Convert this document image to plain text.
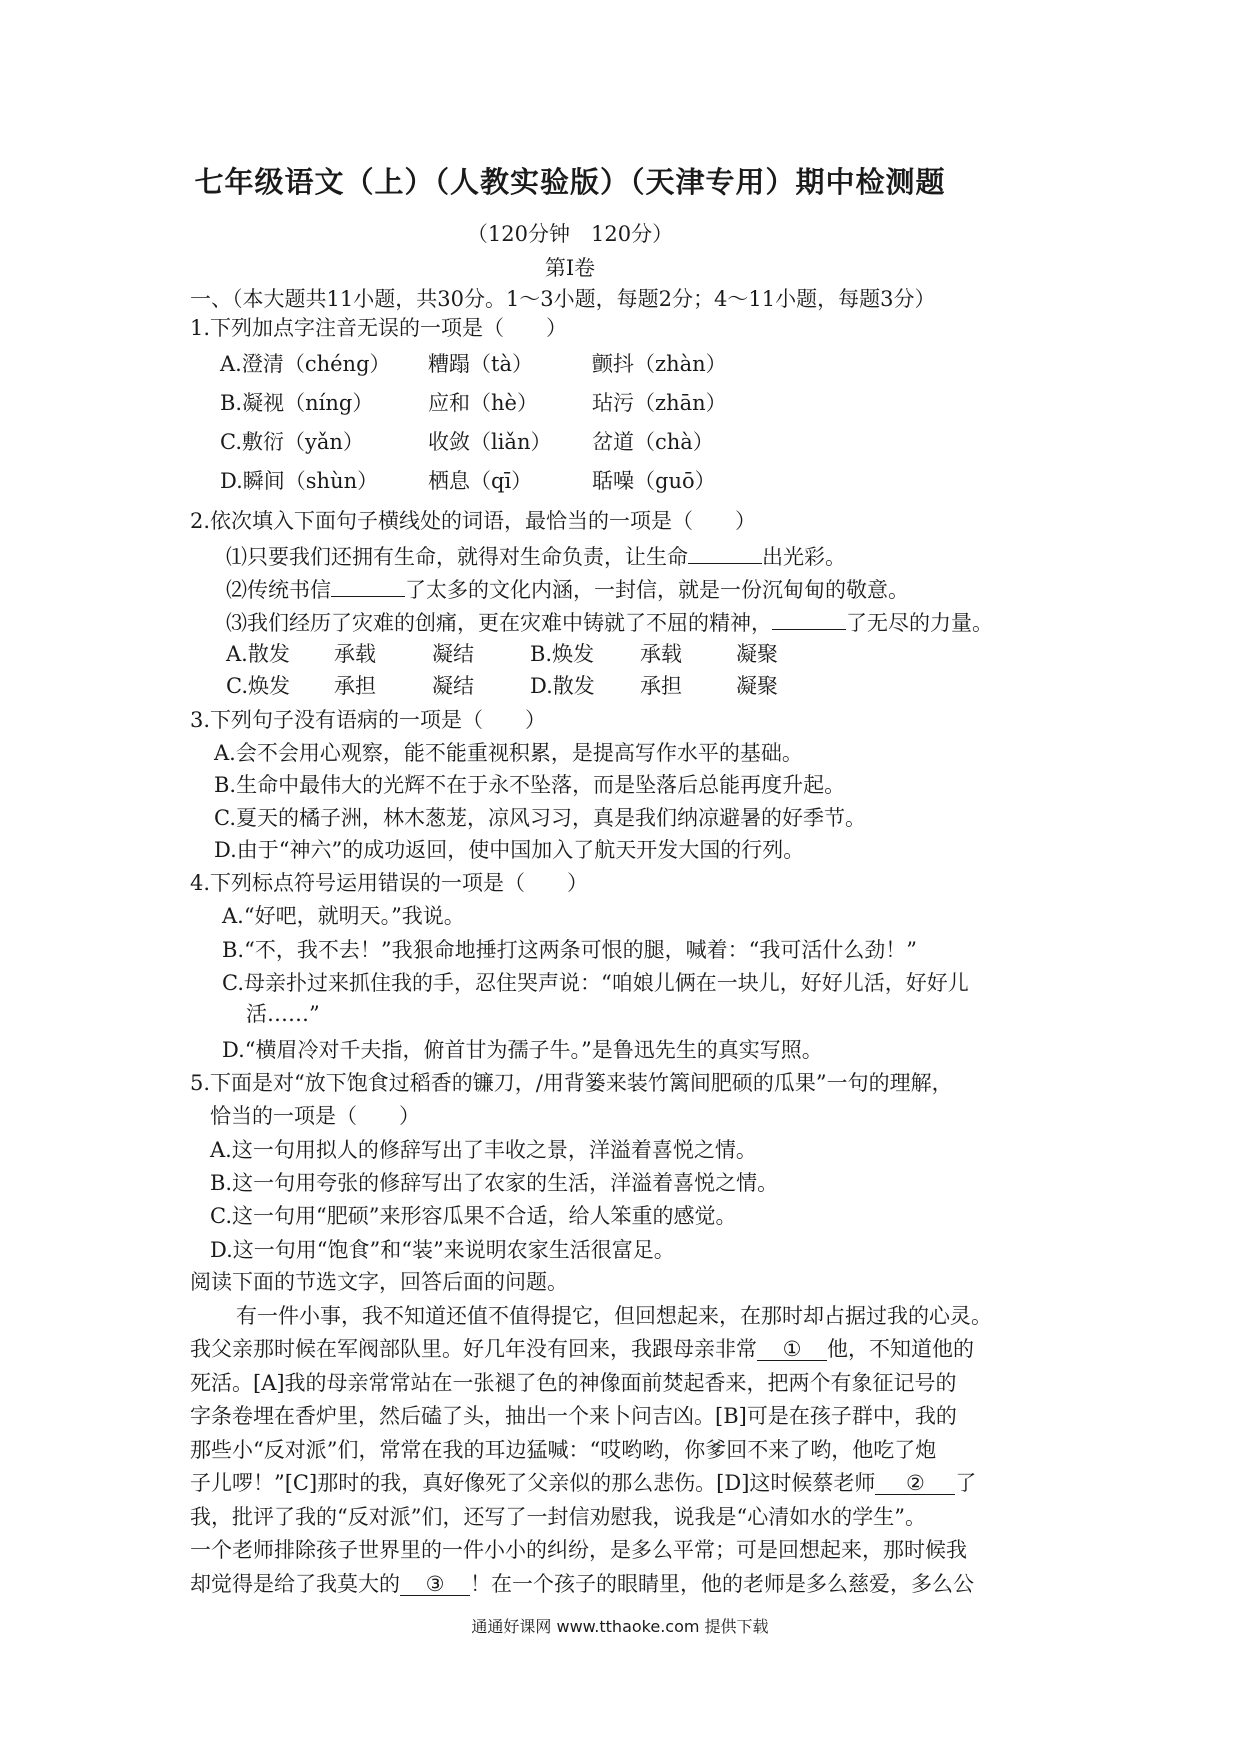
七年级语文（上）（人教实验版）（天津专用）期中检测题
（120分钟　120分）
第Ⅰ卷
一、（本大题共11小题，共30分。1～3小题，每题2分；4～11小题，每题3分）
1.下列加点字注音无误的一项是（　　）
A.澄清（chéng） 糟蹋（tà）	颤抖（zhàn）
B.凝视（níng）	应和（hè）	玷污（zhān）
C.敷衍（yǎn）	收敛（liǎn） 岔道（chà）
D.瞬间（shùn） 栖息（qī）	聒噪（guō）
2.依次填入下面句子横线处的词语，最恰当的一项是（　　）
⑴只要我们还拥有生命，就得对生命负责，让生命	出光彩。
⑵传统书信	了太多的文化内涵，一封信，就是一份沉甸甸的敬意。
⑶我们经历了灾难的创痛，更在灾难中铸就了不屈的精神，	了无尽的力量。
A.散发 承载	凝结	B.焕发 承载	凝聚
C.焕发 承担	凝结	D.散发 承担	凝聚
3.下列句子没有语病的一项是（　　）
A.会不会用心观察，能不能重视积累，是提高写作水平的基础。
B.生命中最伟大的光辉不在于永不坠落，而是坠落后总能再度升起。
C.夏天的橘子洲，林木葱茏，凉风习习，真是我们纳凉避暑的好季节。
D.由于“神六”的成功返回，使中国加入了航天开发大国的行列。
4.下列标点符号运用错误的一项是（　　）
A.“好吧，就明天。”我说。
B.“不，我不去！”我狠命地捶打这两条可恨的腿，喊着：“我可活什么劲！”
C.母亲扑过来抓住我的手，忍住哭声说：“咱娘儿俩在一块儿，好好儿活，好好儿
活……”
D.“横眉冷对千夫指，俯首甘为孺子牛。”是鲁迅先生的真实写照。
5.下面是对“放下饱食过稻香的镰刀，/用背篓来装竹篱间肥硕的瓜果”一句的理解，
恰当的一项是（　　）
A.这一句用拟人的修辞写出了丰收之景，洋溢着喜悦之情。
B.这一句用夸张的修辞写出了农家的生活，洋溢着喜悦之情。
C.这一句用“肥硕”来形容瓜果不合适，给人笨重的感觉。
D.这一句用“饱食”和“装”来说明农家生活很富足。
阅读下面的节选文字，回答后面的问题。
有一件小事，我不知道还值不值得提它，但回想起来，在那时却占据过我的心灵。
我父亲那时候在军阀部队里。好几年没有回来，我跟母亲非常 ① 他，不知道他的
死活。[A]我的母亲常常站在一张褪了色的神像面前焚起香来，把两个有象征记号的
字条卷埋在香炉里，然后磕了头，抽出一个来卜问吉凶。[B]可是在孩子群中，我的
那些小“反对派”们，常常在我的耳边猛喊：“哎哟哟，你爹回不来了哟，他吃了炮
子儿啰！”[C]那时的我，真好像死了父亲似的那么悲伤。[D]这时候蔡老师 ② 了
我，批评了我的“反对派”们，还写了一封信劝慰我，说我是“心清如水的学生”。
一个老师排除孩子世界里的一件小小的纠纷，是多么平常；可是回想起来，那时候我
却觉得是给了我莫大的 ③ ！在一个孩子的眼睛里，他的老师是多么慈爱，多么公
通通好课网 www.tthaoke.com 提供下载
